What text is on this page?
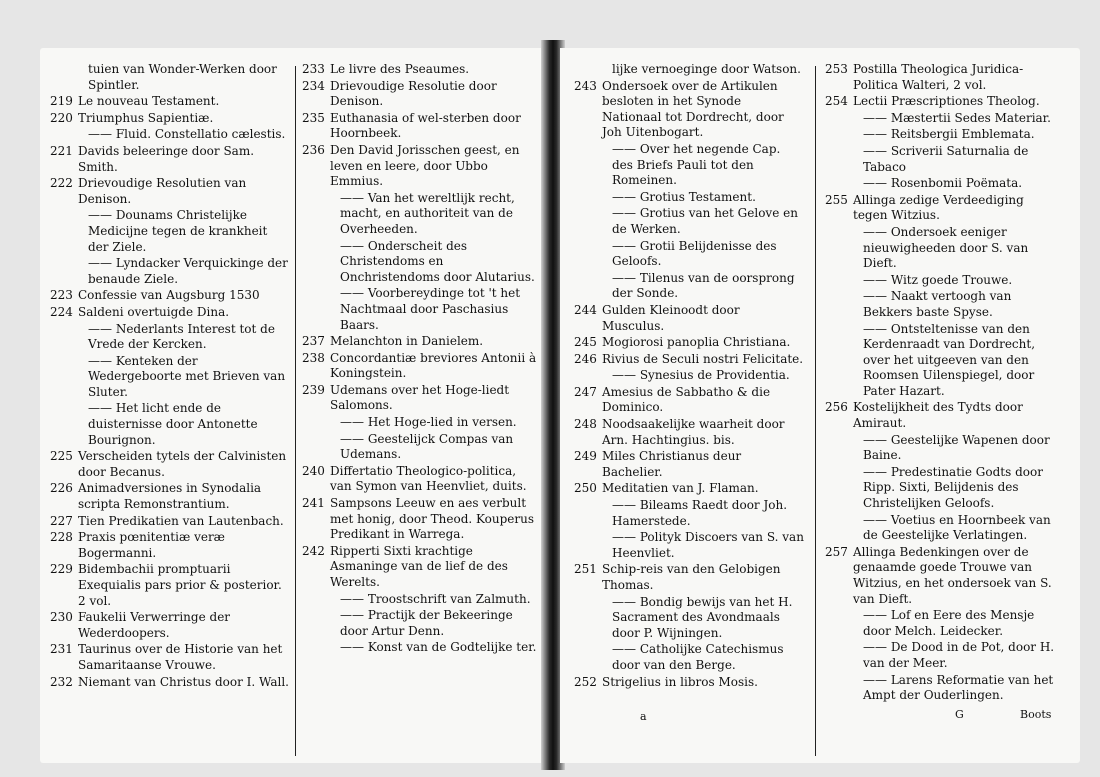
tuien van Wonder-Werken door Spintler.
219 Le nouveau Testament.
220 Triumphus Sapientiæ.
—— Fluid. Constellatio cælestis.
221 Davids beleeringe door Sam. Smith.
222 Drievoudige Resolutien van Denison.
—— Dounams Christelijke Medicijne tegen de krankheit der Ziele.
—— Lyndacker Verquickinge der benaude Ziele.
223 Confessie van Augsburg 1530
224 Saldeni overtuigde Dina.
—— Nederlants Interest tot de Vrede der Kercken.
—— Kenteken der Wedergeboorte met Brieven van Sluter.
—— Het licht ende de duisternisse door Antonette Bourignon.
225 Verscheiden tytels der Calvinisten door Becanus.
226 Animadversiones in Synodalia scripta Remonstrantium.
227 Tien Predikatien van Lautenbach.
228 Praxis pœnitentiæ veræ Bogermanni.
229 Bidembachii promptuarii Exequialis pars prior & posterior. 2 vol.
230 Faukelii Verwerringe der Wederdoopers.
231 Taurinus over de Historie van het Samaritaanse Vrouwe.
232 Niemant van Christus door I. Wall.
233 Le livre des Pseaumes.
234 Drievoudige Resolutie door Denison.
235 Euthanasia of wel-sterben door Hoornbeek.
236 Den David Jorisschen geest, en leven en leere, door Ubbo Emmius.
—— Van het wereltlijk recht, macht, en authoriteit van de Overheeden.
—— Onderscheit des Christendoms en Onchristendoms door Alutarius.
—— Voorbereydinge tot 't het Nachtmaal door Paschasius Baars.
237 Melanchton in Danielem.
238 Concordantiæ breviores Antonii à Koningstein.
239 Udemans over het Hoge-liedt Salomons.
—— Het Hoge-lied in versen.
—— Geestelijck Compas van Udemans.
240 Differtatio Theologico-politica, van Symon van Heenvliet, duits.
241 Sampsons Leeuw en aes verbult met honig, door Theod. Kouperus Predikant in Warrega.
242 Ripperti Sixti krachtige Asmaninge van de lief de des Werelts.
—— Troostschrift van Zalmuth.
—— Practijk der Bekeeringe door Artur Denn.
—— Konst van de Godtelijke ter.
lijke vernoeginge door Watson.
243 Ondersoek over de Artikulen besloten in het Synode Nationaal tot Dordrecht, door Joh Uitenbogart.
—— Over het negende Cap. des Briefs Pauli tot den Romeinen.
—— Grotius Testament.
—— Grotius van het Gelove en de Werken.
—— Grotii Belijdenisse des Geloofs.
—— Tilenus van de oorsprong der Sonde.
244 Gulden Kleinoodt door Musculus.
245 Mogiorosi panoplia Christiana.
246 Rivius de Seculi nostri Felicitate.
—— Synesius de Providentia.
247 Amesius de Sabbatho & die Dominico.
248 Noodsaakelijke waarheit door Arn. Hachtingius. bis.
249 Miles Christianus deur Bachelier.
250 Meditatien van J. Flaman.
—— Bileams Raedt door Joh. Hamerstede.
—— Polityk Discoers van S. van Heenvliet.
251 Schip-reis van den Gelobigen Thomas.
—— Bondig bewijs van het H. Sacrament des Avondmaals door P. Wijningen.
—— Catholijke Catechismus door van den Berge.
252 Strigelius in libros Mosis.
253 Postilla Theologica Juridica-Politica Walteri, 2 vol.
254 Lectii Præscriptiones Theolog.
—— Mæstertii Sedes Materiar.
—— Reitsbergii Emblemata.
—— Scriverii Saturnalia de Tabaco
—— Rosenbomii Poëmata.
255 Allinga zedige Verdeediging tegen Witzius.
—— Ondersoek eeniger nieuwigheeden door S. van Dieft.
—— Witz goede Trouwe.
—— Naakt vertoogh van Bekkers baste Spyse.
—— Ontsteltenisse van den Kerdenraadt van Dordrecht, over het uitgeeven van den Roomsen Uilenspiegel, door Pater Hazart.
256 Kostelijkheit des Tydts door Amiraut.
—— Geestelijke Wapenen door Baine.
—— Predestinatie Godts door Ripp. Sixti, Belijdenis des Christelijken Geloofs.
—— Voetius en Hoornbeek van de Geestelijke Verlatingen.
257 Allinga Bedenkingen over de genaamde goede Trouwe van Witzius, en het ondersoek van S. van Dieft.
—— Lof en Eere des Mensje door Melch. Leidecker.
—— De Dood in de Pot, door H. van der Meer.
—— Larens Reformatie van het Ampt der Ouderlingen.
G	Boots
a
